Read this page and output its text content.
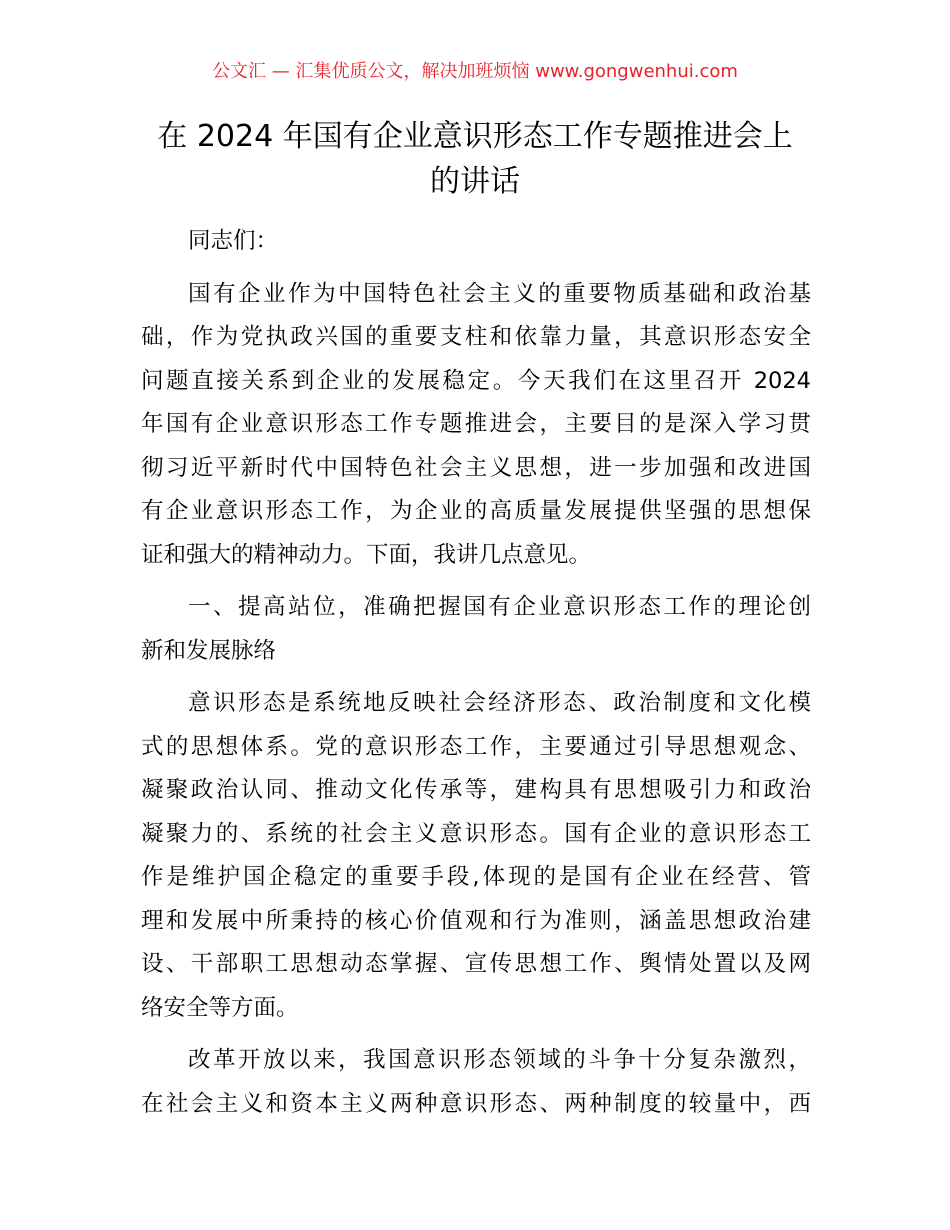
公文汇 — 汇集优质公文，解决加班烦恼 www.gongwenhui.com
在 2024 年国有企业意识形态工作专题推进会上
的讲话
同志们：
国有企业作为中国特色社会主义的重要物质基础和政治基
础，作为党执政兴国的重要支柱和依靠力量，其意识形态安全
问题直接关系到企业的发展稳定。今天我们在这里召开 2024
年国有企业意识形态工作专题推进会，主要目的是深入学习贯
彻习近平新时代中国特色社会主义思想，进一步加强和改进国
有企业意识形态工作，为企业的高质量发展提供坚强的思想保
证和强大的精神动力。下面，我讲几点意见。
一、提高站位，准确把握国有企业意识形态工作的理论创
新和发展脉络
意识形态是系统地反映社会经济形态、政治制度和文化模
式的思想体系。党的意识形态工作，主要通过引导思想观念、
凝聚政治认同、推动文化传承等，建构具有思想吸引力和政治
凝聚力的、系统的社会主义意识形态。国有企业的意识形态工
作是维护国企稳定的重要手段,体现的是国有企业在经营、管
理和发展中所秉持的核心价值观和行为准则，涵盖思想政治建
设、干部职工思想动态掌握、宣传思想工作、舆情处置以及网
络安全等方面。
改革开放以来，我国意识形态领域的斗争十分复杂激烈，
在社会主义和资本主义两种意识形态、两种制度的较量中，西
